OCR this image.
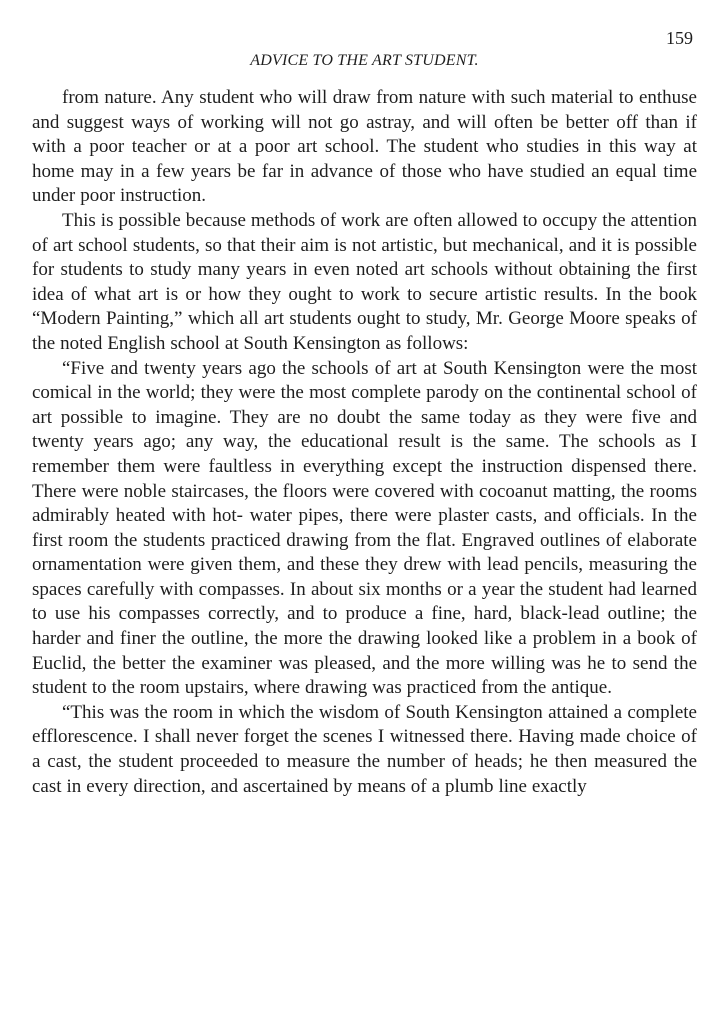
159
ADVICE TO THE ART STUDENT.

from nature. Any student who will draw from nature with such material to enthuse and suggest ways of working will not go astray, and will often be better off than if with a poor teacher or at a poor art school. The student who studies in this way at home may in a few years be far in advance of those who have studied an equal time under poor instruction.

This is possible because methods of work are often allowed to occupy the attention of art school students, so that their aim is not artistic, but mechanical, and it is possible for students to study many years in even noted art schools without obtaining the first idea of what art is or how they ought to work to secure artistic results. In the book “Modern Painting,” which all art students ought to study, Mr. George Moore speaks of the noted English school at South Kensington as follows:

“Five and twenty years ago the schools of art at South Kensington were the most comical in the world; they were the most complete parody on the continental school of art possible to imagine. They are no doubt the same today as they were five and twenty years ago; any way, the educational result is the same. The schools as I remember them were faultless in everything except the instruction dispensed there. There were noble staircases, the floors were covered with cocoanut matting, the rooms admirably heated with hot- water pipes, there were plaster casts, and officials. In the first room the students practiced drawing from the flat. Engraved outlines of elaborate ornamentation were given them, and these they drew with lead pencils, measuring the spaces carefully with compasses. In about six months or a year the student had learned to use his compasses correctly, and to produce a fine, hard, black-lead outline; the harder and finer the outline, the more the drawing looked like a problem in a book of Euclid, the better the examiner was pleased, and the more willing was he to send the student to the room upstairs, where drawing was practiced from the antique.

“This was the room in which the wisdom of South Kensington attained a complete efflorescence. I shall never forget the scenes I witnessed there. Having made choice of a cast, the student proceeded to measure the number of heads; he then measured the cast in every direction, and ascertained by means of a plumb line exactly
